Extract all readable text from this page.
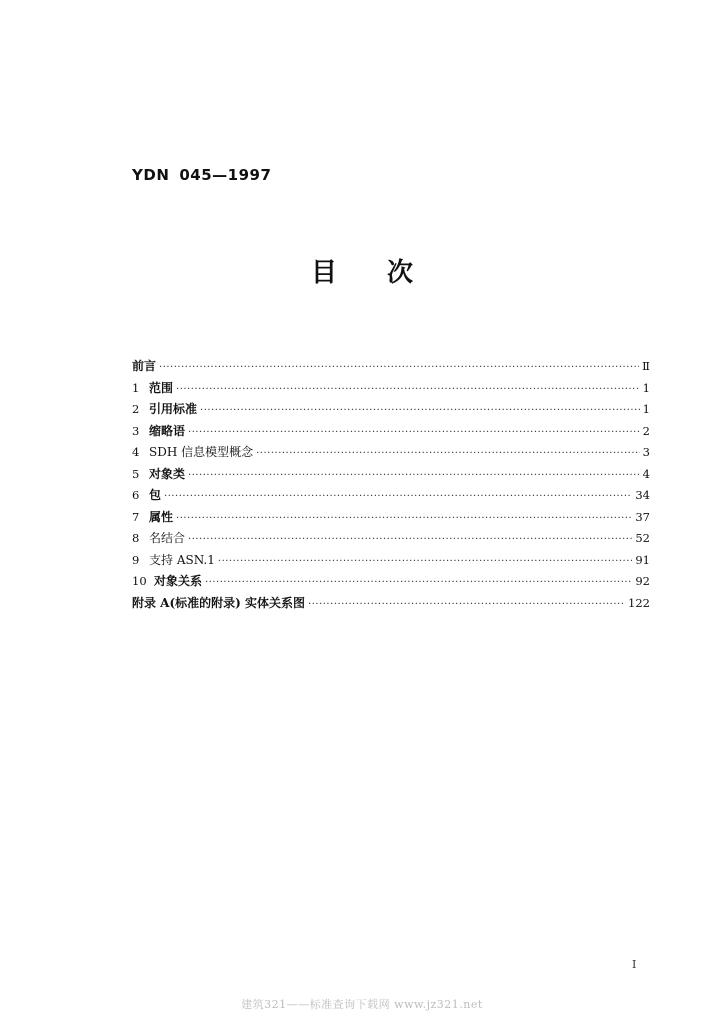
YDN 045—1997
目 次
前言 ·····	Ⅱ
1 范围 ·····	1
2 引用标准 ·····	1
3 缩略语 ·····	2
4 SDH 信息模型概念 ·····	3
5 对象类 ·····	4
6 包 ·····	34
7 属性 ·····	37
8 名结合 ·····	52
9 支持 ASN.1 ·····	91
10 对象关系 ·····	92
附录 A(标准的附录) 实体关系图 ·····	122
I
建筑321——标准查询下载网 www.jz321.net
